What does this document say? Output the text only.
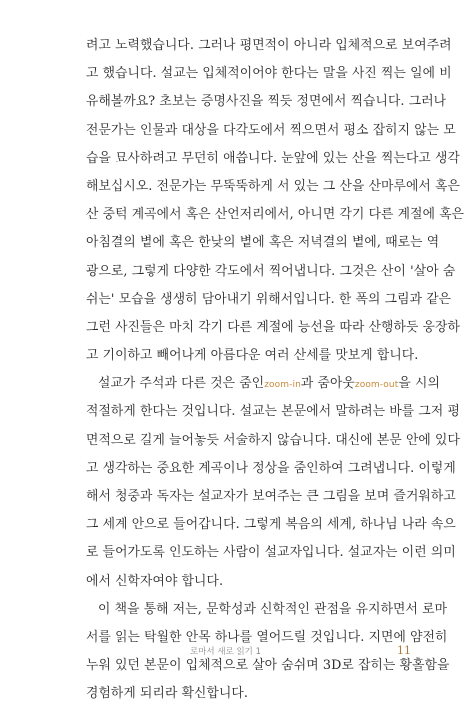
려고 노력했습니다. 그러나 평면적이 아니라 입체적으로 보여주려
고 했습니다. 설교는 입체적이어야 한다는 말을 사진 찍는 일에 비
유해볼까요? 초보는 증명사진을 찍듯 정면에서 찍습니다. 그러나
전문가는 인물과 대상을 다각도에서 찍으면서 평소 잡히지 않는 모
습을 묘사하려고 무던히 애씁니다. 눈앞에 있는 산을 찍는다고 생각
해보십시오. 전문가는 무뚝뚝하게 서 있는 그 산을 산마루에서 혹은
산 중턱 계곡에서 혹은 산언저리에서, 아니면 각기 다른 계절에 혹은
아침결의 볕에 혹은 한낮의 볕에 혹은 저녁결의 볕에, 때로는 역
광으로, 그렇게 다양한 각도에서 찍어냅니다. 그것은 산이 '살아 숨
쉬는' 모습을 생생히 담아내기 위해서입니다. 한 폭의 그림과 같은
그런 사진들은 마치 각기 다른 계절에 능선을 따라 산행하듯 웅장하
고 기이하고 빼어나게 아름다운 여러 산세를 맛보게 합니다.
설교가 주석과 다른 것은 줌인zoom-in과 줌아웃zoom-out을 시의
적절하게 한다는 것입니다. 설교는 본문에서 말하려는 바를 그저 평
면적으로 길게 늘어놓듯 서술하지 않습니다. 대신에 본문 안에 있다
고 생각하는 중요한 계곡이나 정상을 줌인하여 그려냅니다. 이렇게
해서 청중과 독자는 설교자가 보여주는 큰 그림을 보며 즐거워하고
그 세계 안으로 들어갑니다. 그렇게 복음의 세계, 하나님 나라 속으
로 들어가도록 인도하는 사람이 설교자입니다. 설교자는 이런 의미
에서 신학자여야 합니다.
이 책을 통해 저는, 문학성과 신학적인 관점을 유지하면서 로마
서를 읽는 탁월한 안목 하나를 열어드릴 것입니다. 지면에 얌전히
누워 있던 본문이 입체적으로 살아 숨쉬며 3D로 잡히는 황홀함을
경험하게 되리라 확신합니다.
로마서 새로 읽기 1	11
